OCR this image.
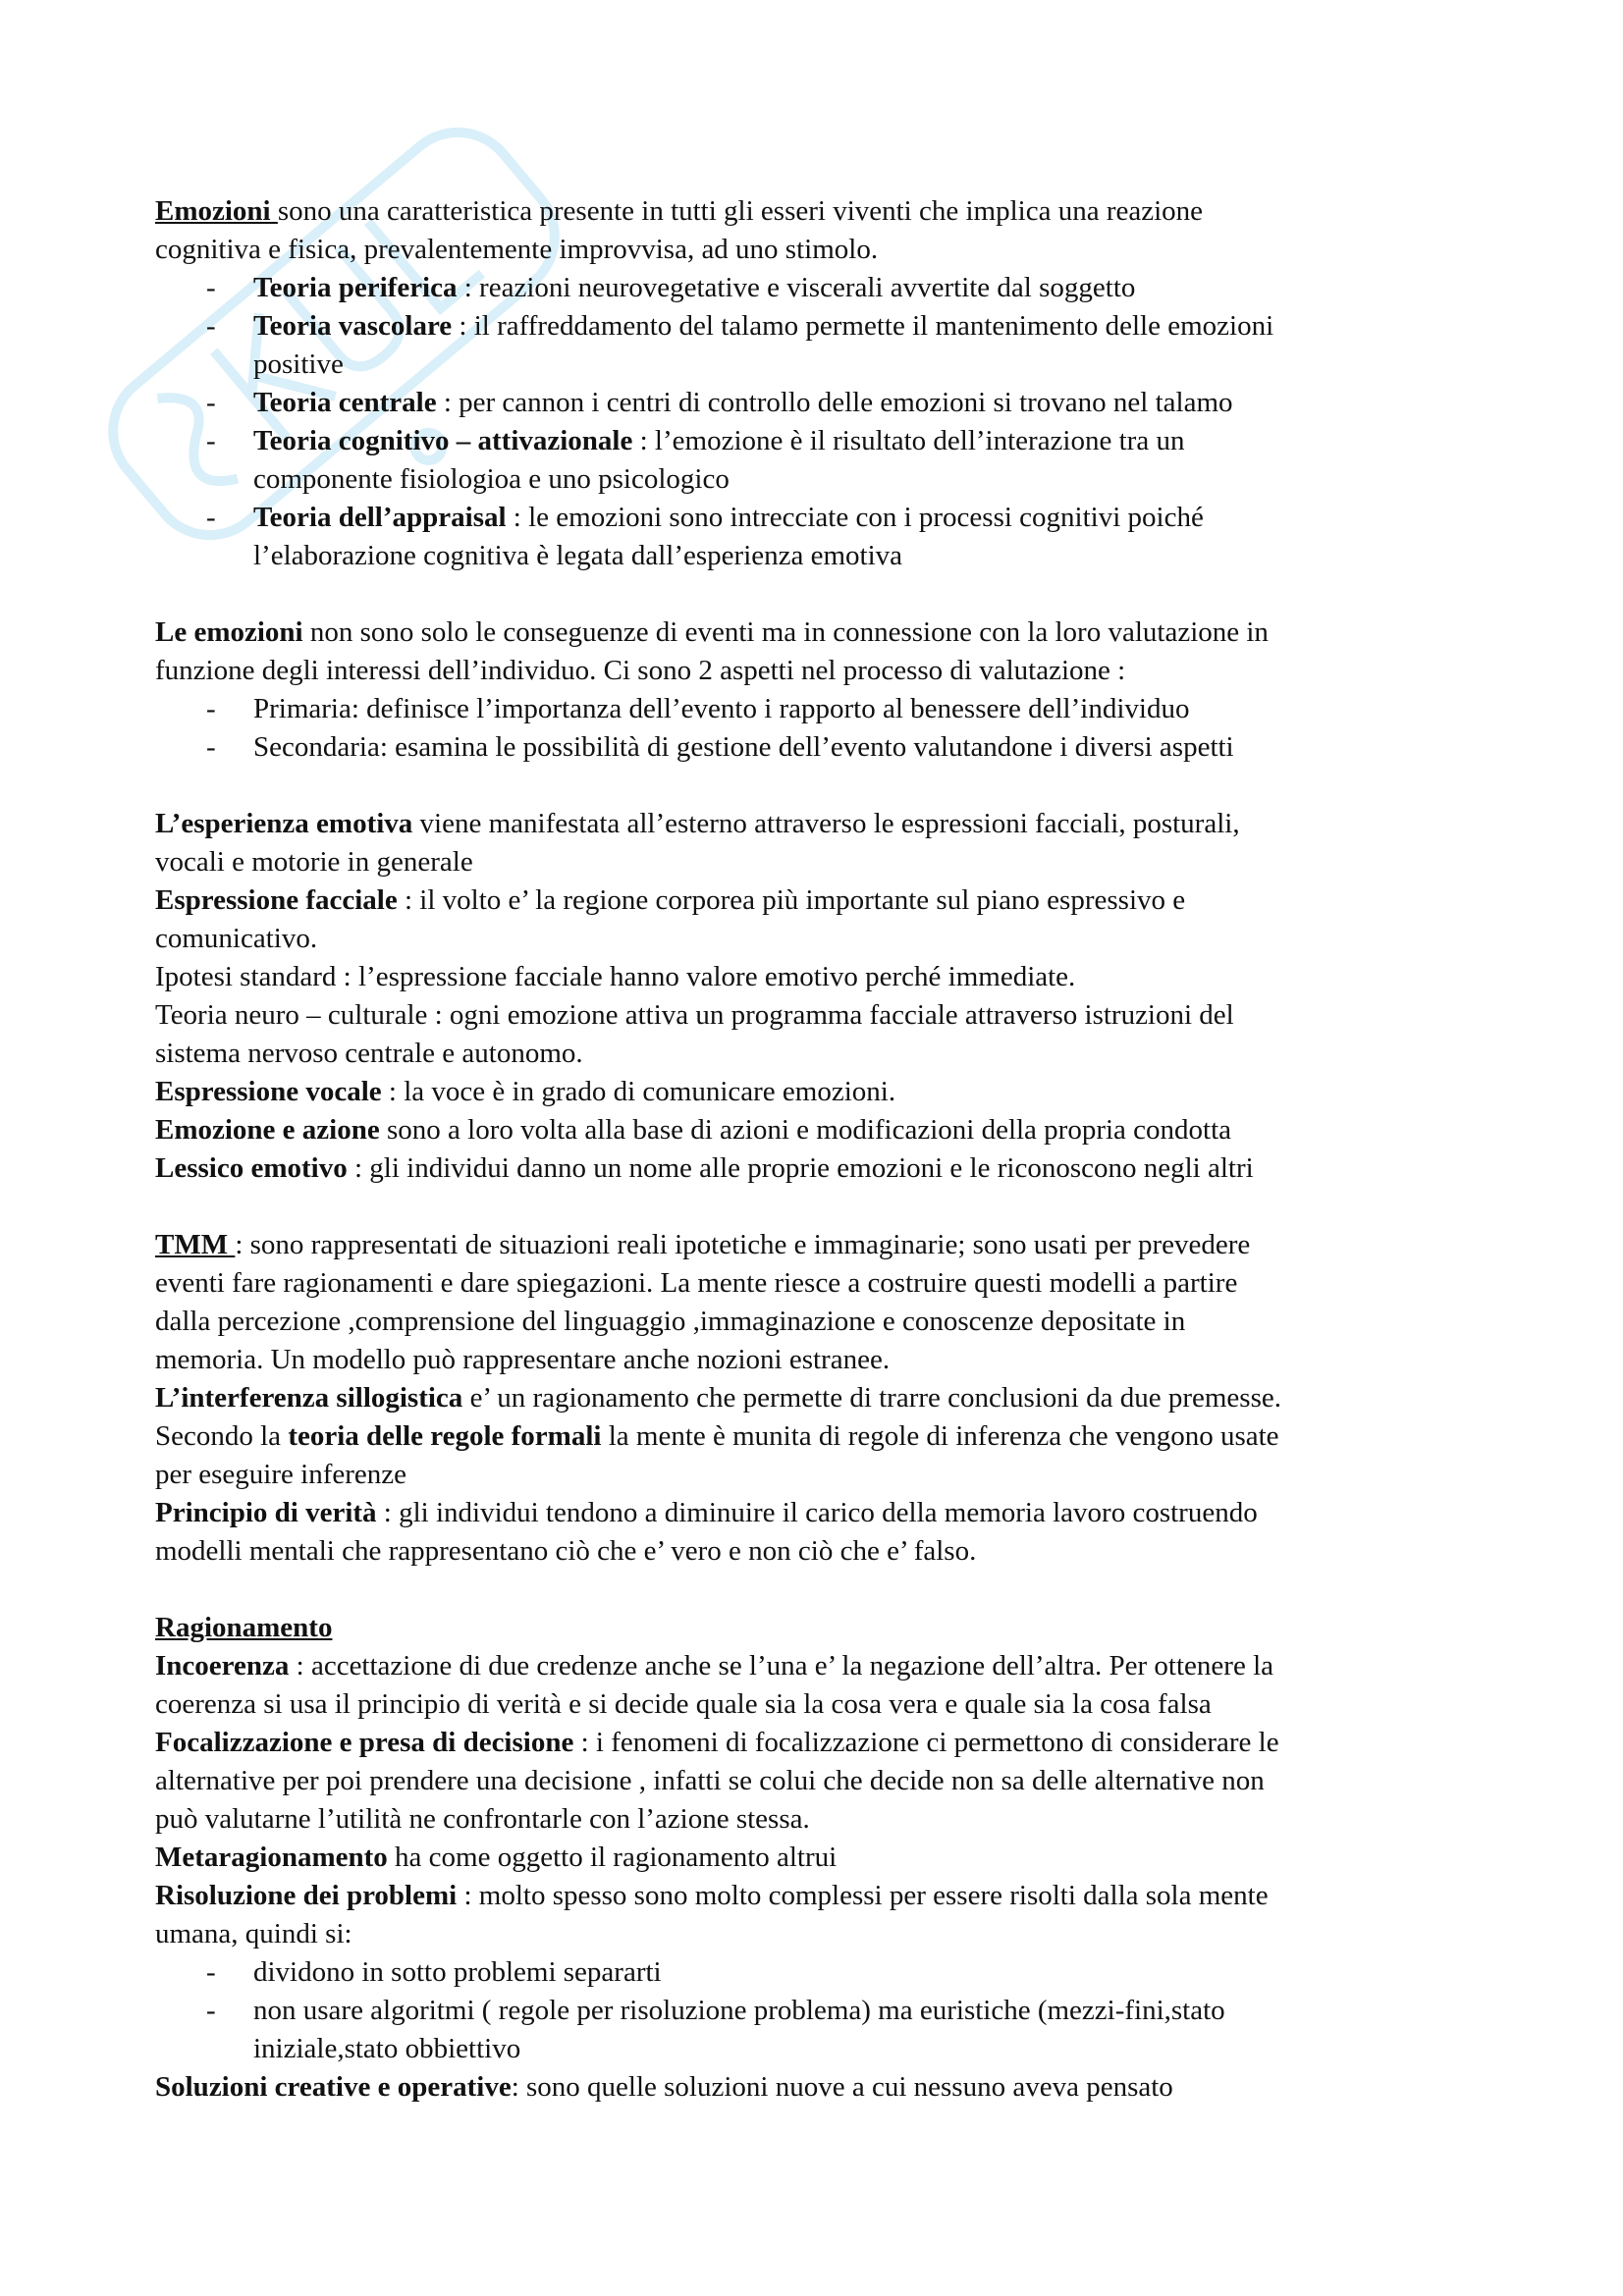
Emozioni sono una caratteristica presente in tutti gli esseri viventi che implica una reazione
cognitiva e fisica, prevalentemente improvvisa, ad uno stimolo.
- Teoria periferica : reazioni neurovegetative e viscerali avvertite dal soggetto
- Teoria vascolare : il raffreddamento del talamo permette il mantenimento delle emozioni
positive
- Teoria centrale : per cannon i centri di controllo delle emozioni si trovano nel talamo
- Teoria cognitivo – attivazionale : l’emozione è il risultato dell’interazione tra un
componente fisiologioa e uno psicologico
- Teoria dell’appraisal : le emozioni sono intrecciate con i processi cognitivi poiché
l’elaborazione cognitiva è legata dall’esperienza emotiva
Le emozioni non sono solo le conseguenze di eventi ma in connessione con la loro valutazione in
funzione degli interessi dell’individuo. Ci sono 2 aspetti nel processo di valutazione :
- Primaria: definisce l’importanza dell’evento i rapporto al benessere dell’individuo
- Secondaria: esamina le possibilità di gestione dell’evento valutandone i diversi aspetti
L’esperienza emotiva viene manifestata all’esterno attraverso le espressioni facciali, posturali,
vocali e motorie in generale
Espressione facciale : il volto e’ la regione corporea più importante sul piano espressivo e
comunicativo.
Ipotesi standard : l’espressione facciale hanno valore emotivo perché immediate.
Teoria neuro – culturale : ogni emozione attiva un programma facciale attraverso istruzioni del
sistema nervoso centrale e autonomo.
Espressione vocale : la voce è in grado di comunicare emozioni.
Emozione e azione sono a loro volta alla base di azioni e modificazioni della propria condotta
Lessico emotivo : gli individui danno un nome alle proprie emozioni e le riconoscono negli altri
TMM : sono rappresentati de situazioni reali ipotetiche e immaginarie; sono usati per prevedere
eventi fare ragionamenti e dare spiegazioni. La mente riesce a costruire questi modelli a partire
dalla percezione ,comprensione del linguaggio ,immaginazione e conoscenze depositate in
memoria. Un modello può rappresentare anche nozioni estranee.
L’interferenza sillogistica e’ un ragionamento che permette di trarre conclusioni da due premesse.
Secondo la teoria delle regole formali la mente è munita di regole di inferenza che vengono usate
per eseguire inferenze
Principio di verità : gli individui tendono a diminuire il carico della memoria lavoro costruendo
modelli mentali che rappresentano ciò che e’ vero e non ciò che e’ falso.
Ragionamento
Incoerenza : accettazione di due credenze anche se l’una e’ la negazione dell’altra. Per ottenere la
coerenza si usa il principio di verità e si decide quale sia la cosa vera e quale sia la cosa falsa
Focalizzazione e presa di decisione : i fenomeni di focalizzazione ci permettono di considerare le
alternative per poi prendere una decisione , infatti se colui che decide non sa delle alternative non
può valutarne l’utilità ne confrontarle con l’azione stessa.
Metaragionamento ha come oggetto il ragionamento altrui
Risoluzione dei problemi : molto spesso sono molto complessi per essere risolti dalla sola mente
umana, quindi si:
- dividono in sotto problemi separarti
- non usare algoritmi ( regole per risoluzione problema) ma euristiche (mezzi-fini,stato
iniziale,stato obbiettivo
Soluzioni creative e operative: sono quelle soluzioni nuove a cui nessuno aveva pensato
